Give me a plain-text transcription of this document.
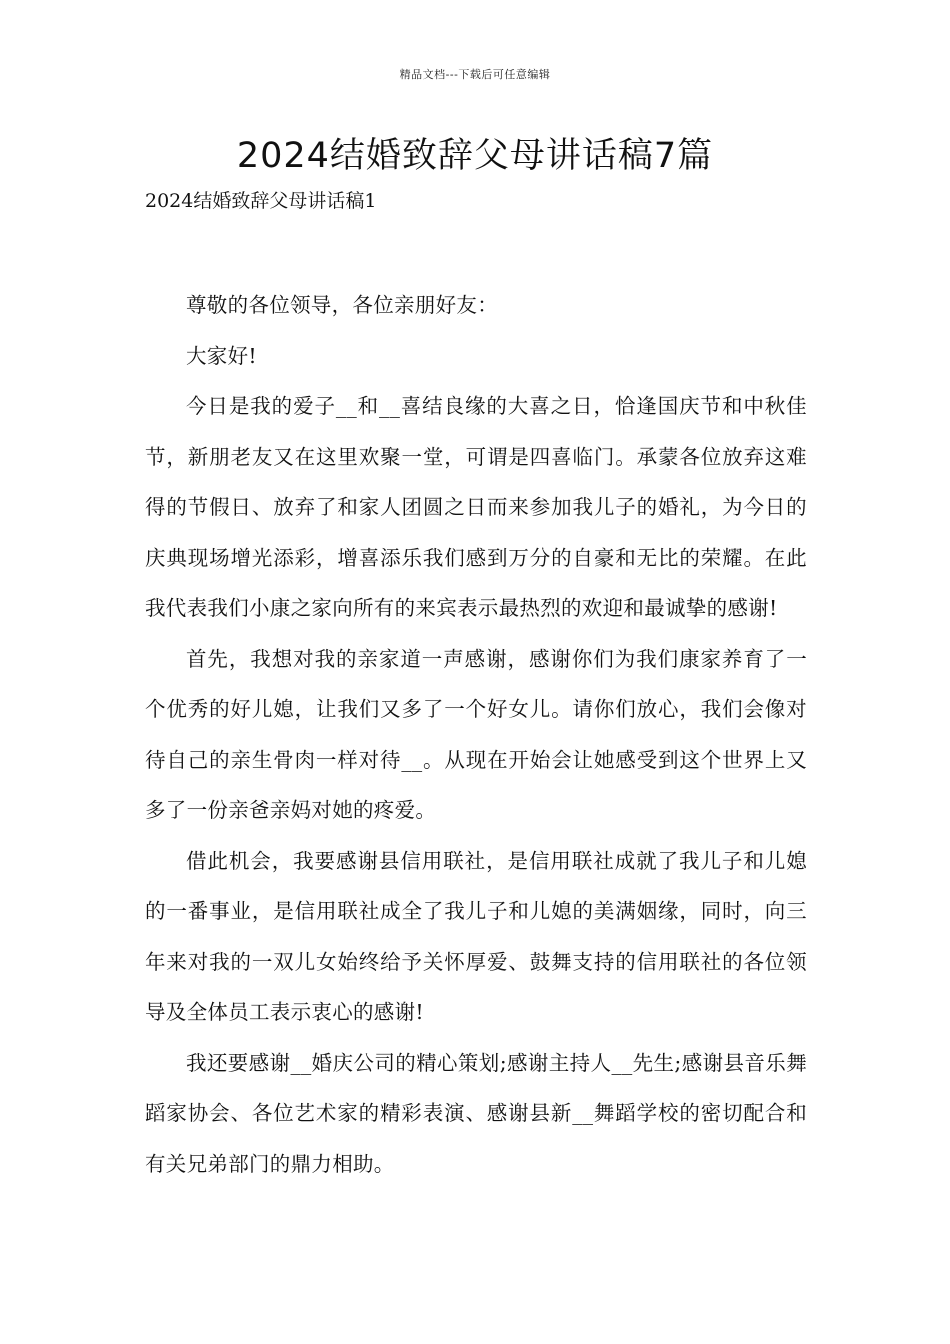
精品文档---下载后可任意编辑
2024结婚致辞父母讲话稿7篇
2024结婚致辞父母讲话稿1

尊敬的各位领导，各位亲朋好友：

大家好!

今日是我的爱子__和__喜结良缘的大喜之日，恰逢国庆节和中秋佳节，新朋老友又在这里欢聚一堂，可谓是四喜临门。承蒙各位放弃这难得的节假日、放弃了和家人团圆之日而来参加我儿子的婚礼，为今日的庆典现场增光添彩，增喜添乐我们感到万分的自豪和无比的荣耀。在此我代表我们小康之家向所有的来宾表示最热烈的欢迎和最诚挚的感谢!

首先，我想对我的亲家道一声感谢，感谢你们为我们康家养育了一个优秀的好儿媳，让我们又多了一个好女儿。请你们放心，我们会像对待自己的亲生骨肉一样对待__。从现在开始会让她感受到这个世界上又多了一份亲爸亲妈对她的疼爱。

借此机会，我要感谢县信用联社，是信用联社成就了我儿子和儿媳的一番事业，是信用联社成全了我儿子和儿媳的美满姻缘，同时，向三年来对我的一双儿女始终给予关怀厚爱、鼓舞支持的信用联社的各位领导及全体员工表示衷心的感谢!

我还要感谢__婚庆公司的精心策划;感谢主持人__先生;感谢县音乐舞蹈家协会、各位艺术家的精彩表演、感谢县新__舞蹈学校的密切配合和有关兄弟部门的鼎力相助。
